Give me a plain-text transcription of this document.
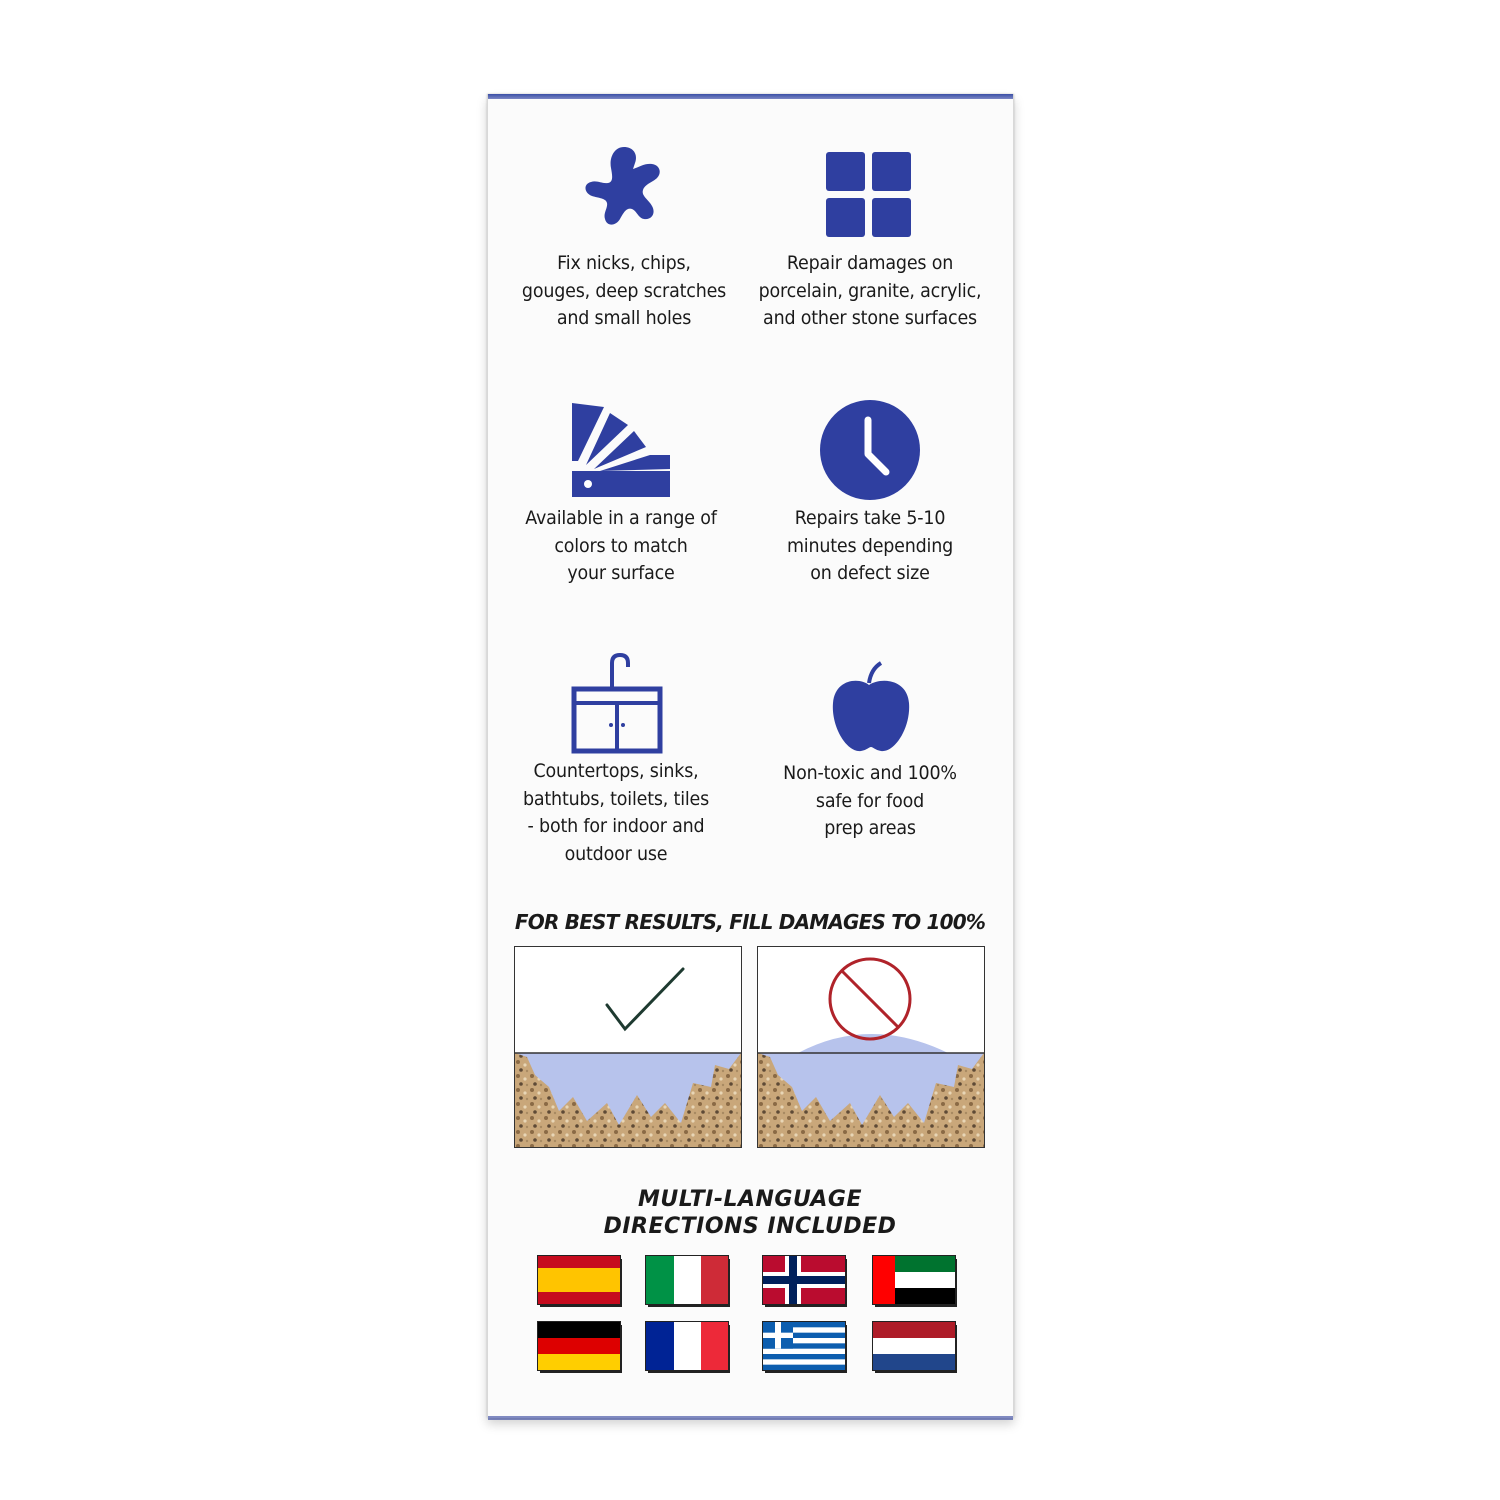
Fix nicks, chips,
gouges, deep scratches
and small holes
Repair damages on
porcelain, granite, acrylic,
and other stone surfaces
Available in a range of
colors to match
your surface
Repairs take 5-10
minutes depending
on defect size
Countertops, sinks,
bathtubs, toilets, tiles
- both for indoor and
outdoor use
Non-toxic and 100%
safe for food
prep areas
FOR BEST RESULTS, FILL DAMAGES TO 100%
MULTI-LANGUAGE
DIRECTIONS INCLUDED
